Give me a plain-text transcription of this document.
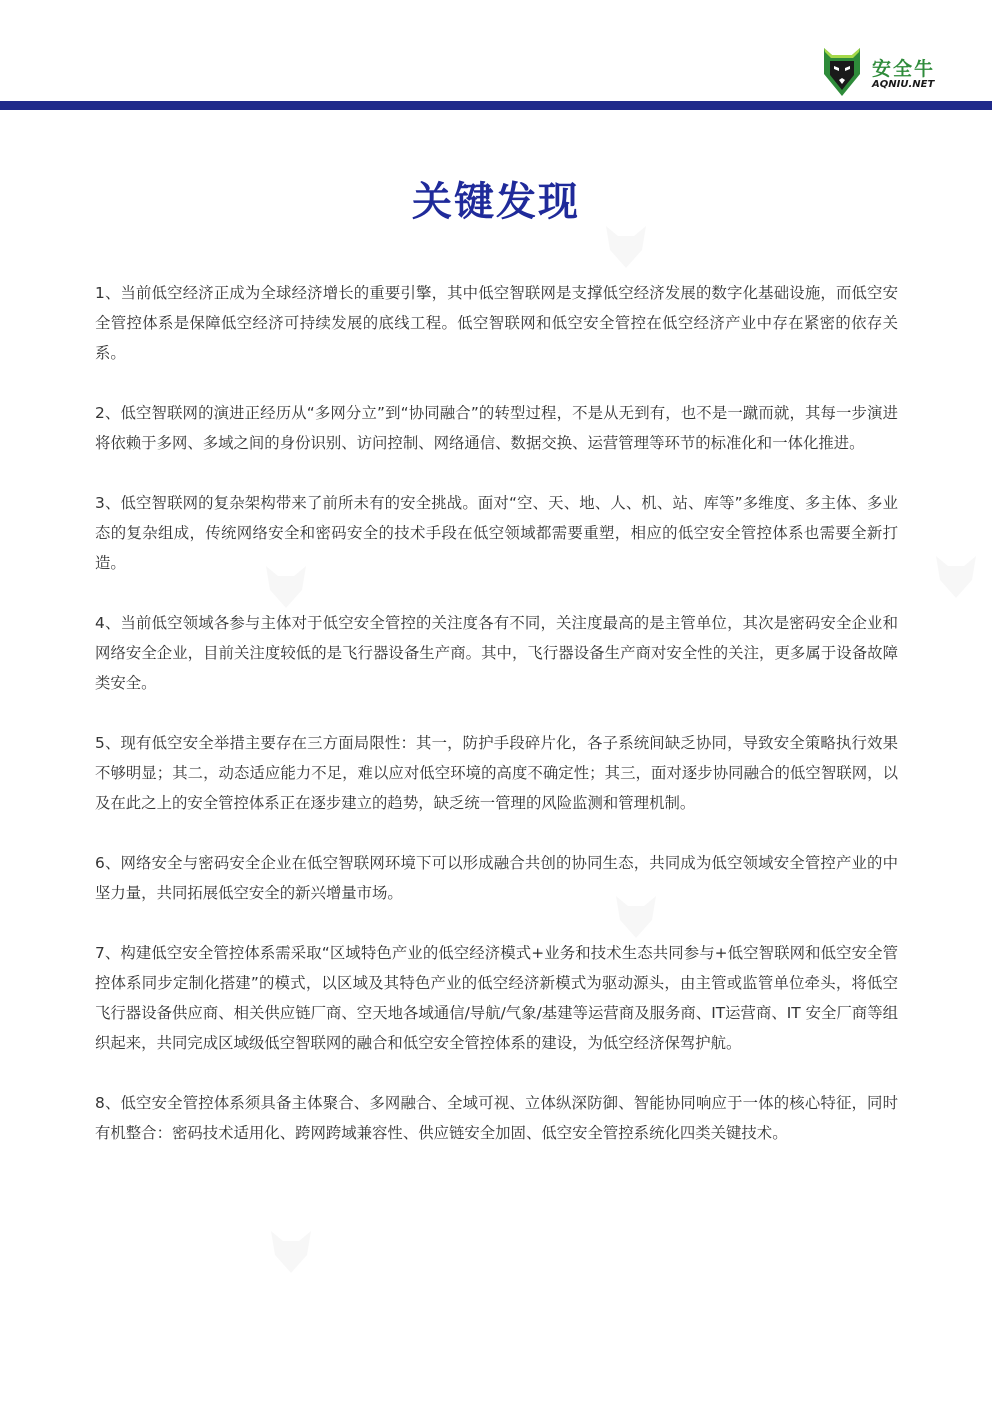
安全牛
AQNIU.NET
关键发现

1、当前低空经济正成为全球经济增长的重要引擎，其中低空智联网是支撑低空经济发展的数字化基础设施，而低空安全管控体系是保障低空经济可持续发展的底线工程。低空智联网和低空安全管控在低空经济产业中存在紧密的依存关系。

2、低空智联网的演进正经历从“多网分立”到“协同融合”的转型过程，不是从无到有，也不是一蹴而就，其每一步演进将依赖于多网、多域之间的身份识别、访问控制、网络通信、数据交换、运营管理等环节的标准化和一体化推进。

3、低空智联网的复杂架构带来了前所未有的安全挑战。面对“空、天、地、人、机、站、库等”多维度、多主体、多业态的复杂组成，传统网络安全和密码安全的技术手段在低空领域都需要重塑，相应的低空安全管控体系也需要全新打造。

4、当前低空领域各参与主体对于低空安全管控的关注度各有不同，关注度最高的是主管单位，其次是密码安全企业和网络安全企业，目前关注度较低的是飞行器设备生产商。其中，飞行器设备生产商对安全性的关注，更多属于设备故障类安全。

5、现有低空安全举措主要存在三方面局限性：其一，防护手段碎片化，各子系统间缺乏协同，导致安全策略执行效果不够明显；其二，动态适应能力不足，难以应对低空环境的高度不确定性；其三，面对逐步协同融合的低空智联网，以及在此之上的安全管控体系正在逐步建立的趋势，缺乏统一管理的风险监测和管理机制。

6、网络安全与密码安全企业在低空智联网环境下可以形成融合共创的协同生态，共同成为低空领域安全管控产业的中坚力量，共同拓展低空安全的新兴增量市场。

7、构建低空安全管控体系需采取“区域特色产业的低空经济模式+业务和技术生态共同参与+低空智联网和低空安全管控体系同步定制化搭建”的模式，以区域及其特色产业的低空经济新模式为驱动源头，由主管或监管单位牵头，将低空飞行器设备供应商、相关供应链厂商、空天地各域通信/导航/气象/基建等运营商及服务商、IT运营商、IT 安全厂商等组织起来，共同完成区域级低空智联网的融合和低空安全管控体系的建设，为低空经济保驾护航。

8、低空安全管控体系须具备主体聚合、多网融合、全域可视、立体纵深防御、智能协同响应于一体的核心特征，同时有机整合：密码技术适用化、跨网跨域兼容性、供应链安全加固、低空安全管控系统化四类关键技术。
